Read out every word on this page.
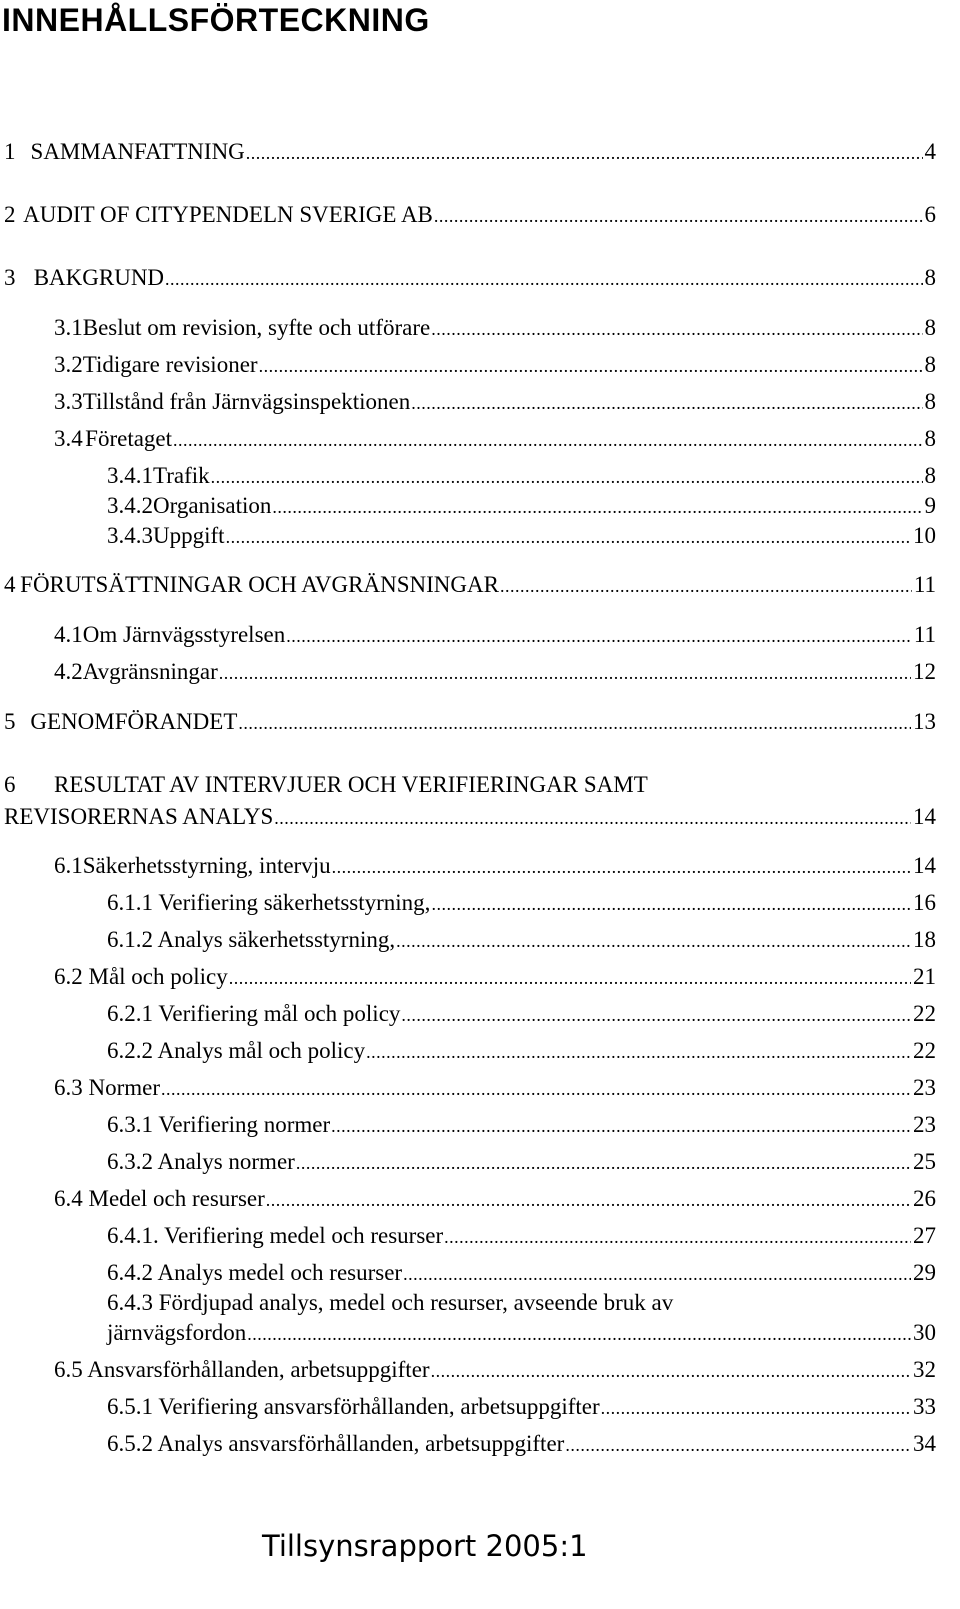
INNEHÅLLSFÖRTECKNING
1 SAMMANFATTNING .....	4
2 AUDIT OF CITYPENDELN SVERIGE AB .....	6
3 BAKGRUND .....	8
3.1 Beslut om revision, syfte och utförare .....	8
3.2 Tidigare revisioner .....	8
3.3 Tillstånd från Järnvägsinspektionen .....	8
3.4 Företaget .....	8
3.4.1 Trafik .....	8
3.4.2 Organisation .....	9
3.4.3 Uppgift .....	10
4 FÖRUTSÄTTNINGAR OCH AVGRÄNSNINGAR .....	11
4.1 Om Järnvägsstyrelsen .....	11
4.2 Avgränsningar .....	12
5 GENOMFÖRANDET .....	13
6 RESULTAT AV INTERVJUER OCH VERIFIERINGAR SAMT
REVISORERNAS ANALYS .....	14
6.1 Säkerhetsstyrning, intervju .....	14
6.1.1 Verifiering säkerhetsstyrning, .....	16
6.1.2 Analys säkerhetsstyrning, .....	18
6.2 Mål och policy .....	21
6.2.1 Verifiering mål och policy .....	22
6.2.2 Analys mål och policy .....	22
6.3 Normer .....	23
6.3.1 Verifiering normer .....	23
6.3.2 Analys normer .....	25
6.4 Medel och resurser .....	26
6.4.1. Verifiering medel och resurser .....	27
6.4.2 Analys medel och resurser .....	29
6.4.3 Fördjupad analys, medel och resurser, avseende bruk av
järnvägsfordon .....	30
6.5 Ansvarsförhållanden, arbetsuppgifter .....	32
6.5.1 Verifiering ansvarsförhållanden, arbetsuppgifter .....	33
6.5.2 Analys ansvarsförhållanden, arbetsuppgifter .....	34

Tillsynsrapport 2005:1
